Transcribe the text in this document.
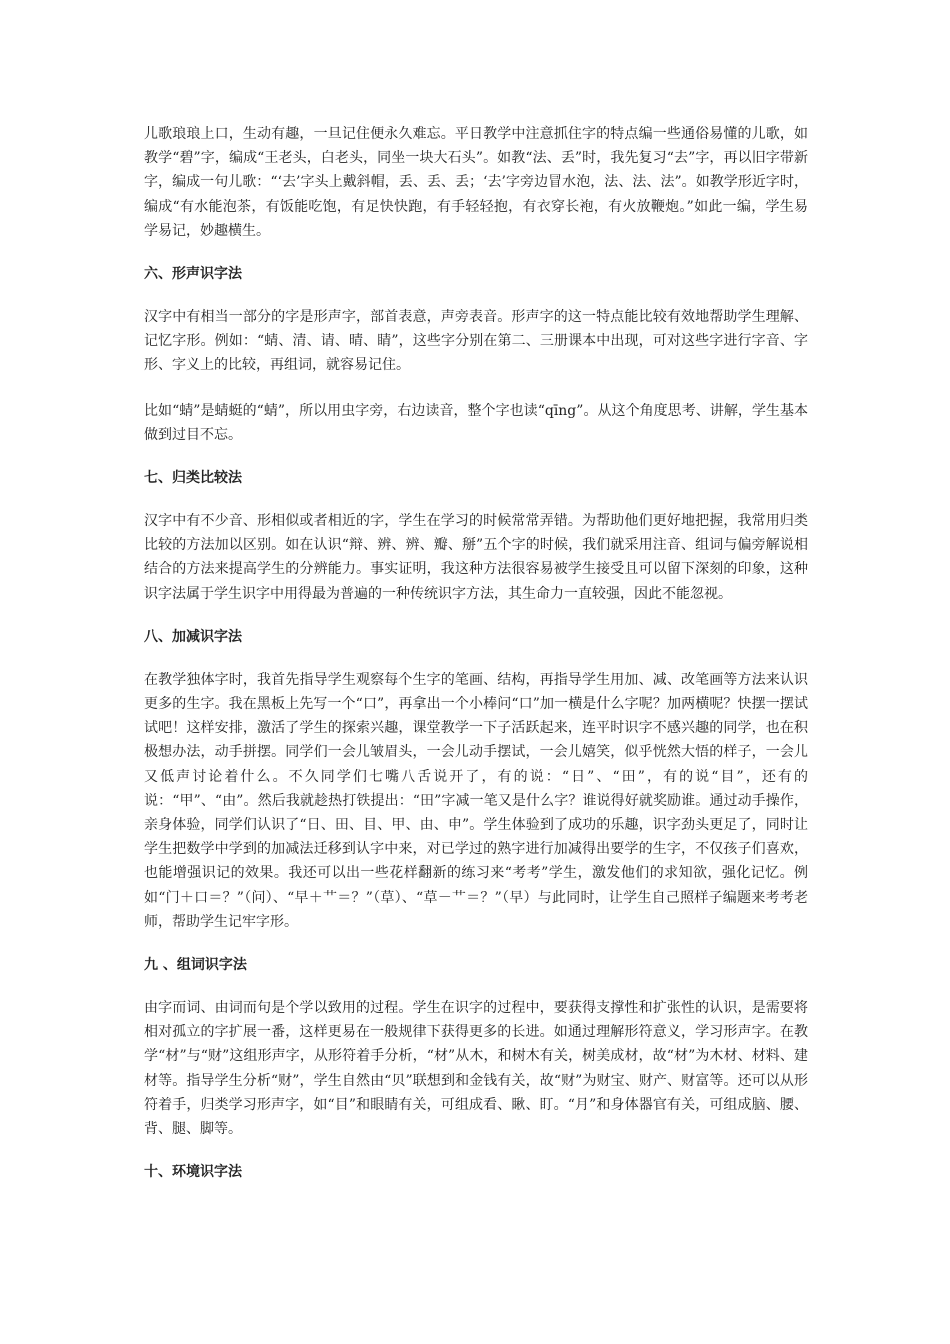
儿歌琅琅上口，生动有趣，一旦记住便永久难忘。平日教学中注意抓住字的特点编一些通俗易懂的儿歌，如教学“碧”字，编成“王老头，白老头，同坐一块大石头”。如教“法、丢”时，我先复习“去”字，再以旧字带新字，编成一句儿歌：“‘去’字头上戴斜帽，丢、丢、丢；‘去’字旁边冒水泡，法、法、法”。如教学形近字时，编成“有水能泡茶，有饭能吃饱，有足快快跑，有手轻轻抱，有衣穿长袍，有火放鞭炮。”如此一编，学生易学易记，妙趣横生。

六、形声识字法

汉字中有相当一部分的字是形声字，部首表意，声旁表音。形声字的这一特点能比较有效地帮助学生理解、记忆字形。例如：“蜻、清、请、晴、睛”，这些字分别在第二、三册课本中出现，可对这些字进行字音、字形、字义上的比较，再组词，就容易记住。

比如“蜻”是蜻蜓的“蜻”，所以用虫字旁，右边读音，整个字也读“qīng”。从这个角度思考、讲解，学生基本做到过目不忘。

七、归类比较法

汉字中有不少音、形相似或者相近的字，学生在学习的时候常常弄错。为帮助他们更好地把握，我常用归类比较的方法加以区别。如在认识“辩、辨、辨、瓣、掰”五个字的时候，我们就采用注音、组词与偏旁解说相结合的方法来提高学生的分辨能力。事实证明，我这种方法很容易被学生接受且可以留下深刻的印象，这种识字法属于学生识字中用得最为普遍的一种传统识字方法，其生命力一直较强，因此不能忽视。

八、加减识字法

在教学独体字时，我首先指导学生观察每个生字的笔画、结构，再指导学生用加、减、改笔画等方法来认识更多的生字。我在黑板上先写一个“口”，再拿出一个小棒问“口”加一横是什么字呢？加两横呢？快摆一摆试试吧！这样安排，激活了学生的探索兴趣，课堂教学一下子活跃起来，连平时识字不感兴趣的同学，也在积极想办法，动手拼摆。同学们一会儿皱眉头，一会儿动手摆试，一会儿嬉笑，似乎恍然大悟的样子，一会儿又低声讨论着什么。不久同学们七嘴八舌说开了，有的说：“日”、“田”，有的说“目”，还有的说：“甲”、“由”。然后我就趁热打铁提出：“田”字减一笔又是什么字？谁说得好就奖励谁。通过动手操作，亲身体验，同学们认识了“日、田、目、甲、由、申”。学生体验到了成功的乐趣，识字劲头更足了，同时让学生把数学中学到的加减法迁移到认字中来，对已学过的熟字进行加减得出要学的生字，不仅孩子们喜欢，也能增强识记的效果。我还可以出一些花样翻新的练习来“考考”学生，激发他们的求知欲，强化记忆。例如“门＋口＝？”（问）、“早＋艹＝？”（草）、“草－艹＝？”（早）与此同时，让学生自己照样子编题来考考老师，帮助学生记牢字形。

九 、组词识字法

由字而词、由词而句是个学以致用的过程。学生在识字的过程中，要获得支撑性和扩张性的认识，是需要将相对孤立的字扩展一番，这样更易在一般规律下获得更多的长进。如通过理解形符意义，学习形声字。在教学“材”与“财”这组形声字，从形符着手分析，“材”从木，和树木有关，树美成材，故“材”为木材、材料、建材等。指导学生分析“财”，学生自然由“贝”联想到和金钱有关，故“财”为财宝、财产、财富等。还可以从形符着手，归类学习形声字，如“目”和眼睛有关，可组成看、瞅、盯。“月”和身体器官有关，可组成脑、腰、背、腿、脚等。

十、环境识字法
